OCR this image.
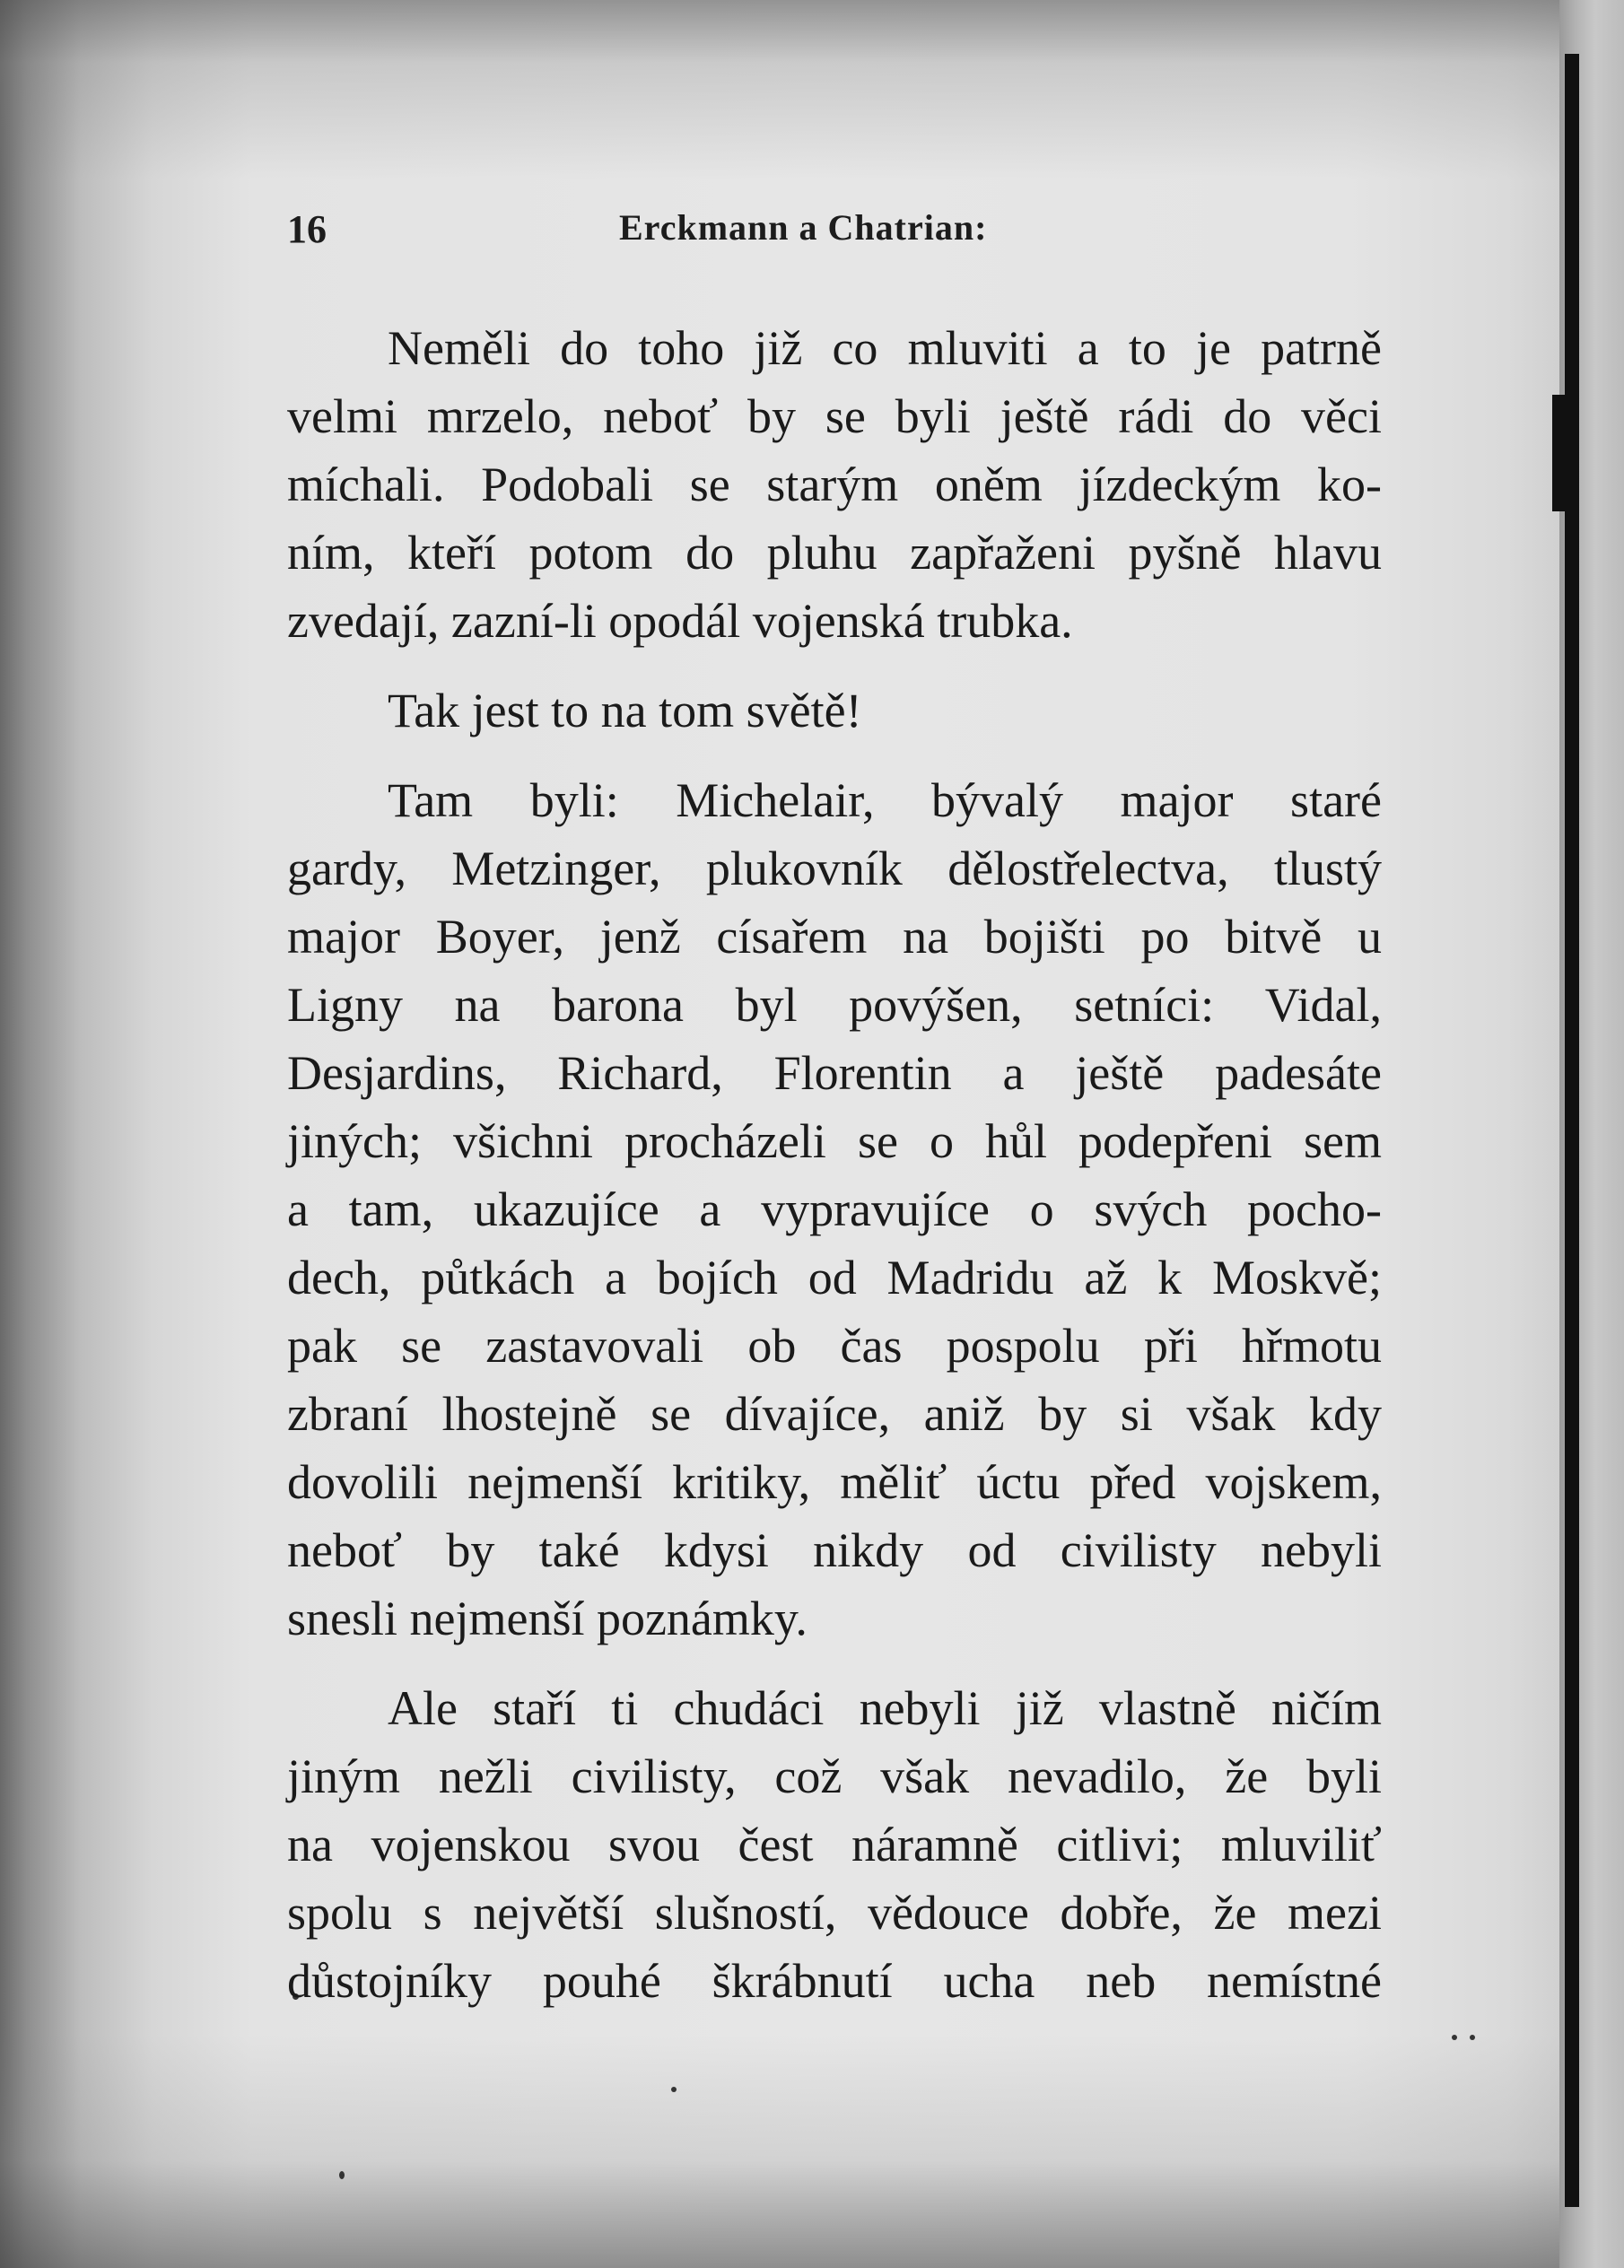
16	Erckmann a Chatrian:
Neměli do toho již co mluviti a to je patrně
velmi mrzelo, neboť by se byli ještě rádi do věci
míchali. Podobali se starým oněm jízdeckým ko-
ním, kteří potom do pluhu zapřaženi pyšně hlavu
zvedají, zazní-li opodál vojenská trubka.
Tak jest to na tom světě!
Tam byli: Michelair, bývalý major staré
gardy, Metzinger, plukovník dělostřelectva, tlustý
major Boyer, jenž císařem na bojišti po bitvě u
Ligny na barona byl povýšen, setníci: Vidal,
Desjardins, Richard, Florentin a ještě padesáte
jiných; všichni procházeli se o hůl podepřeni sem
a tam, ukazujíce a vypravujíce o svých pocho-
dech, půtkách a bojích od Madridu až k Moskvě;
pak se zastavovali ob čas pospolu při hřmotu
zbraní lhostejně se dívajíce, aniž by si však kdy
dovolili nejmenší kritiky, měliť úctu před vojskem,
neboť by také kdysi nikdy od civilisty nebyli
snesli nejmenší poznámky.
Ale staří ti chudáci nebyli již vlastně ničím
jiným nežli civilisty, což však nevadilo, že byli
na vojenskou svou čest náramně citlivi; mluviliť
spolu s největší slušností, vědouce dobře, že mezi
důstojníky pouhé škrábnutí ucha neb nemístné
